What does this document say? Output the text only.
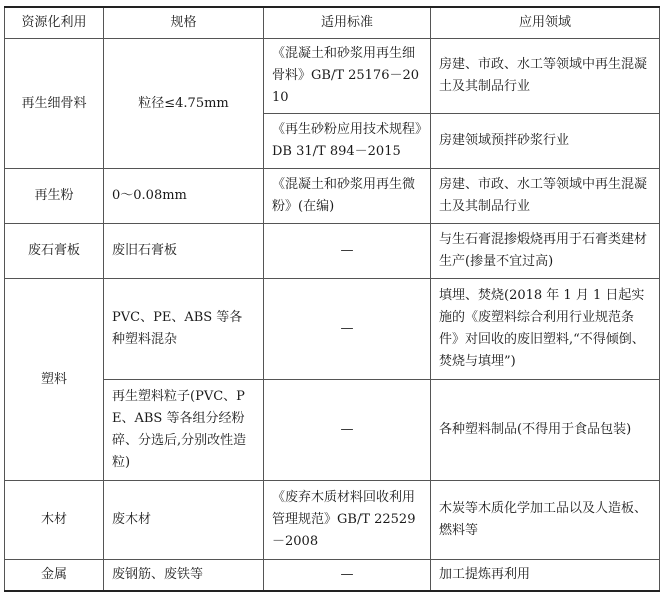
资源化利用	规格	适用标准	应用领域
再生细骨料	粒径≤4.75mm	《混凝土和砂浆用再生细骨料》GB/T 25176－2010	房建、市政、水工等领域中再生混凝土及其制品行业
		《再生砂粉应用技术规程》DB 31/T 894－2015	房建领域预拌砂浆行业
再生粉	0～0.08mm	《混凝土和砂浆用再生微粉》(在编)	房建、市政、水工等领域中再生混凝土及其制品行业
废石膏板	废旧石膏板	—	与生石膏混掺煅烧再用于石膏类建材生产(掺量不宜过高)
塑料	PVC、PE、ABS 等各种塑料混杂	—	填埋、焚烧(2018 年 1 月 1 日起实施的《废塑料综合利用行业规范条件》对回收的废旧塑料,“不得倾倒、焚烧与填埋”)
	再生塑料粒子(PVC、PE、ABS 等各组分经粉碎、分选后,分别改性造粒)	—	各种塑料制品(不得用于食品包装)
木材	废木材	《废弃木质材料回收利用管理规范》GB/T 22529－2008	木炭等木质化学加工品以及人造板、燃料等
金属	废钢筋、废铁等	—	加工提炼再利用
